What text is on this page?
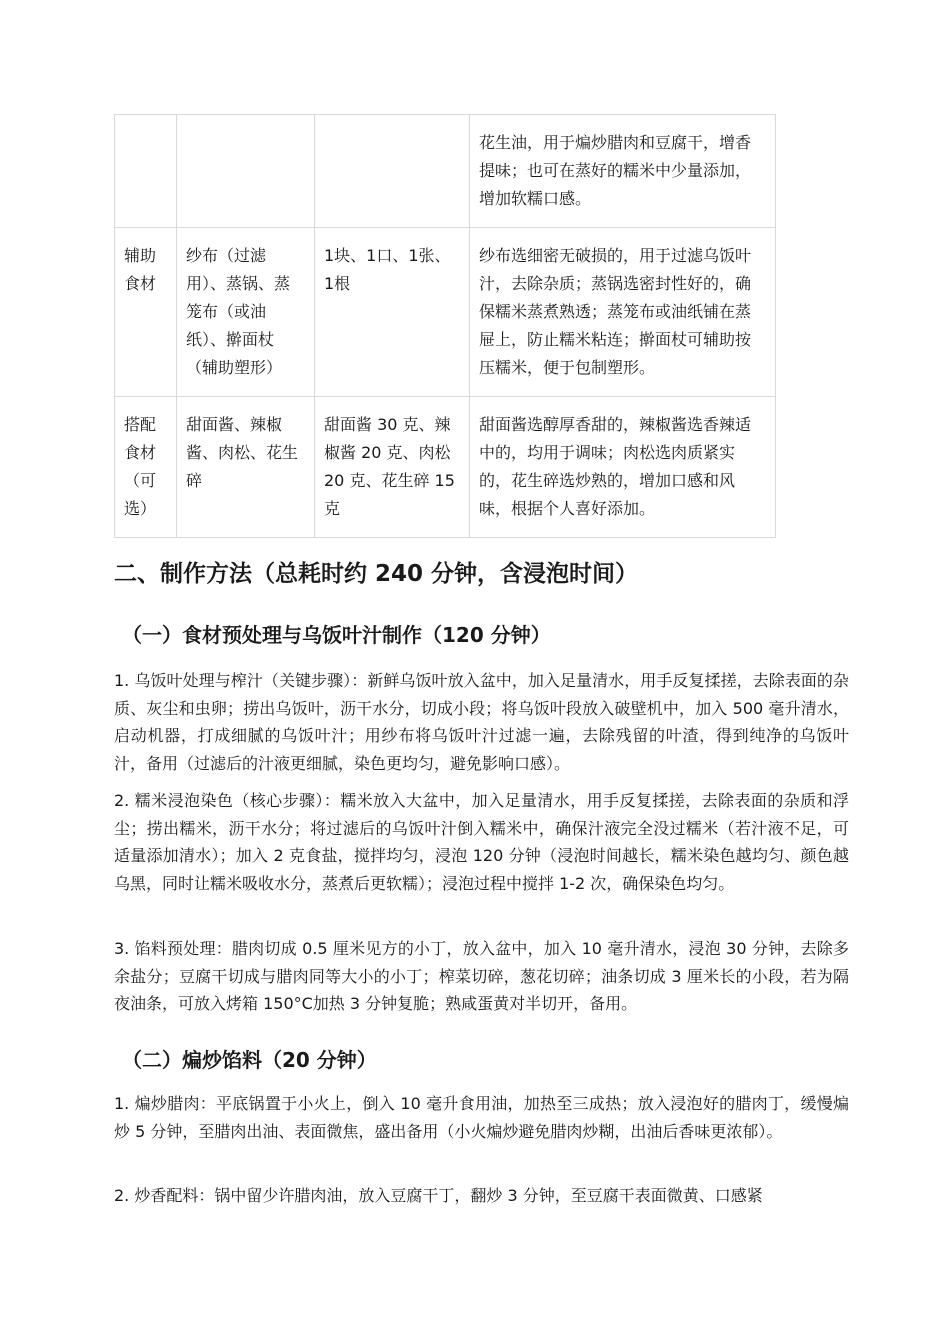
			花生油，用于煸炒腊肉和豆腐干，增香提味；也可在蒸好的糯米中少量添加，增加软糯口感。
辅助食材	纱布（过滤用）、蒸锅、蒸笼布（或油纸）、擀面杖（辅助塑形）	1块、1口、1张、1根	纱布选细密无破损的，用于过滤乌饭叶汁，去除杂质；蒸锅选密封性好的，确保糯米蒸煮熟透；蒸笼布或油纸铺在蒸屉上，防止糯米粘连；擀面杖可辅助按压糯米，便于包制塑形。
搭配食材（可选）	甜面酱、辣椒酱、肉松、花生碎	甜面酱 30 克、辣椒酱 20 克、肉松 20 克、花生碎 15 克	甜面酱选醇厚香甜的，辣椒酱选香辣适中的，均用于调味；肉松选肉质紧实的，花生碎选炒熟的，增加口感和风味，根据个人喜好添加。
二、制作方法（总耗时约 240 分钟，含浸泡时间）
（一）食材预处理与乌饭叶汁制作（120 分钟）
1. 乌饭叶处理与榨汁（关键步骤）：新鲜乌饭叶放入盆中，加入足量清水，用手反复揉搓，去除表面的杂质、灰尘和虫卵；捞出乌饭叶，沥干水分，切成小段；将乌饭叶段放入破壁机中，加入 500 毫升清水，启动机器，打成细腻的乌饭叶汁；用纱布将乌饭叶汁过滤一遍，去除残留的叶渣，得到纯净的乌饭叶汁，备用（过滤后的汁液更细腻，染色更均匀，避免影响口感）。
2. 糯米浸泡染色（核心步骤）：糯米放入大盆中，加入足量清水，用手反复揉搓，去除表面的杂质和浮尘；捞出糯米，沥干水分；将过滤后的乌饭叶汁倒入糯米中，确保汁液完全没过糯米（若汁液不足，可适量添加清水）；加入 2 克食盐，搅拌均匀，浸泡 120 分钟（浸泡时间越长，糯米染色越均匀、颜色越乌黑，同时让糯米吸收水分，蒸煮后更软糯）；浸泡过程中搅拌 1-2 次，确保染色均匀。
3. 馅料预处理：腊肉切成 0.5 厘米见方的小丁，放入盆中，加入 10 毫升清水，浸泡 30 分钟，去除多余盐分；豆腐干切成与腊肉同等大小的小丁；榨菜切碎，葱花切碎；油条切成 3 厘米长的小段，若为隔夜油条，可放入烤箱 150°C加热 3 分钟复脆；熟咸蛋黄对半切开，备用。
（二）煸炒馅料（20 分钟）
1. 煸炒腊肉：平底锅置于小火上，倒入 10 毫升食用油，加热至三成热；放入浸泡好的腊肉丁，缓慢煸炒 5 分钟，至腊肉出油、表面微焦，盛出备用（小火煸炒避免腊肉炒糊，出油后香味更浓郁）。
2. 炒香配料：锅中留少许腊肉油，放入豆腐干丁，翻炒 3 分钟，至豆腐干表面微黄、口感紧
